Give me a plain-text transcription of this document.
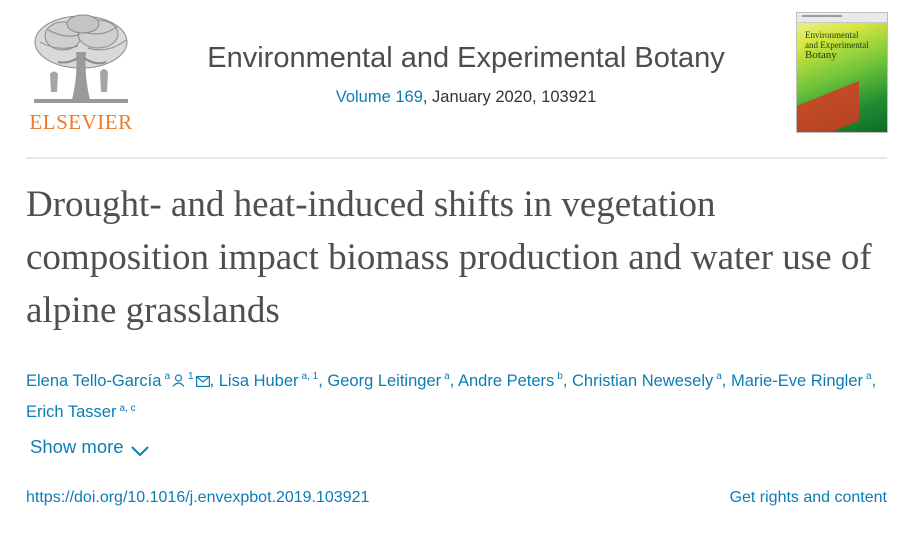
ELSEVIER
Environmental and Experimental Botany
Volume 169, January 2020, 103921
Environmental
and Experimental
Botany
Drought- and heat-induced shifts in vegetation composition impact biomass production and water use of alpine grasslands
Elena Tello-García $^a$ $^1$ , Lisa Huber $^{a, 1}$, Georg Leitinger $^a$, Andre Peters $^b$, Christian Newesely $^a$, Marie-Eve Ringler $^a$, Erich Tasser $^{a, c}$
Show more
https://doi.org/10.1016/j.envexpbot.2019.103921	Get rights and content
